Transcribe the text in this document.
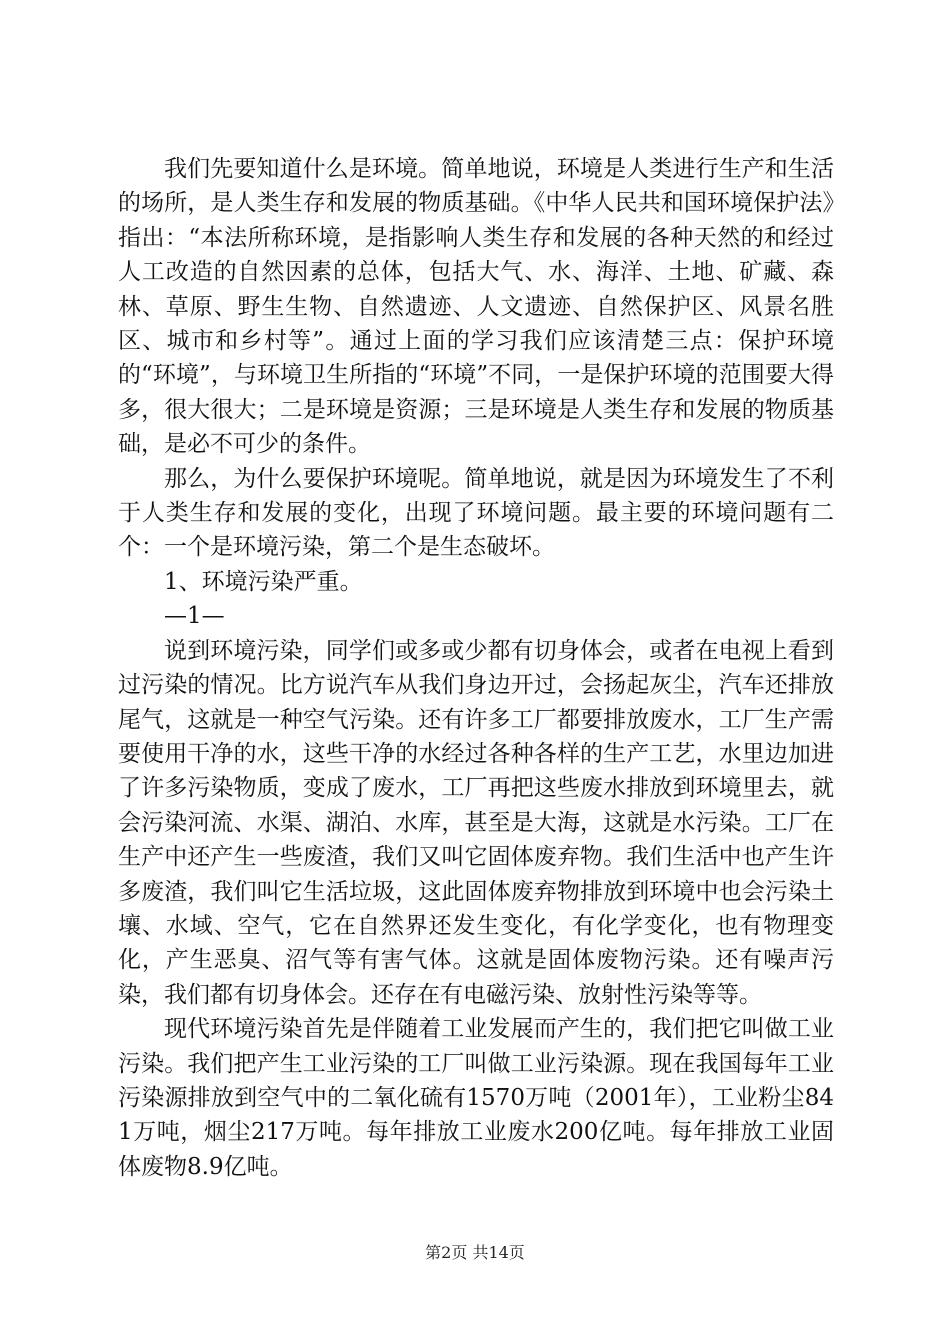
我们先要知道什么是环境。简单地说，环境是人类进行生产和生活的场所，是人类生存和发展的物质基础。《中华人民共和国环境保护法》指出：“本法所称环境，是指影响人类生存和发展的各种天然的和经过人工改造的自然因素的总体，包括大气、水、海洋、土地、矿藏、森林、草原、野生生物、自然遗迹、人文遗迹、自然保护区、风景名胜区、城市和乡村等”。通过上面的学习我们应该清楚三点：保护环境的“环境”，与环境卫生所指的“环境”不同，一是保护环境的范围要大得多，很大很大；二是环境是资源；三是环境是人类生存和发展的物质基础，是必不可少的条件。

那么，为什么要保护环境呢。简单地说，就是因为环境发生了不利于人类生存和发展的变化，出现了环境问题。最主要的环境问题有二个：一个是环境污染，第二个是生态破坏。

1、环境污染严重。

—1—

说到环境污染，同学们或多或少都有切身体会，或者在电视上看到过污染的情况。比方说汽车从我们身边开过，会扬起灰尘，汽车还排放尾气，这就是一种空气污染。还有许多工厂都要排放废水，工厂生产需要使用干净的水，这些干净的水经过各种各样的生产工艺，水里边加进了许多污染物质，变成了废水，工厂再把这些废水排放到环境里去，就会污染河流、水渠、湖泊、水库，甚至是大海，这就是水污染。工厂在生产中还产生一些废渣，我们又叫它固体废弃物。我们生活中也产生许多废渣，我们叫它生活垃圾，这此固体废弃物排放到环境中也会污染土壤、水域、空气，它在自然界还发生变化，有化学变化，也有物理变化，产生恶臭、沼气等有害气体。这就是固体废物污染。还有噪声污染，我们都有切身体会。还存在有电磁污染、放射性污染等等。

现代环境污染首先是伴随着工业发展而产生的，我们把它叫做工业污染。我们把产生工业污染的工厂叫做工业污染源。现在我国每年工业污染源排放到空气中的二氧化硫有1570万吨（2001年），工业粉尘841万吨，烟尘217万吨。每年排放工业废水200亿吨。每年排放工业固体废物8.9亿吨。

第2页 共14页
